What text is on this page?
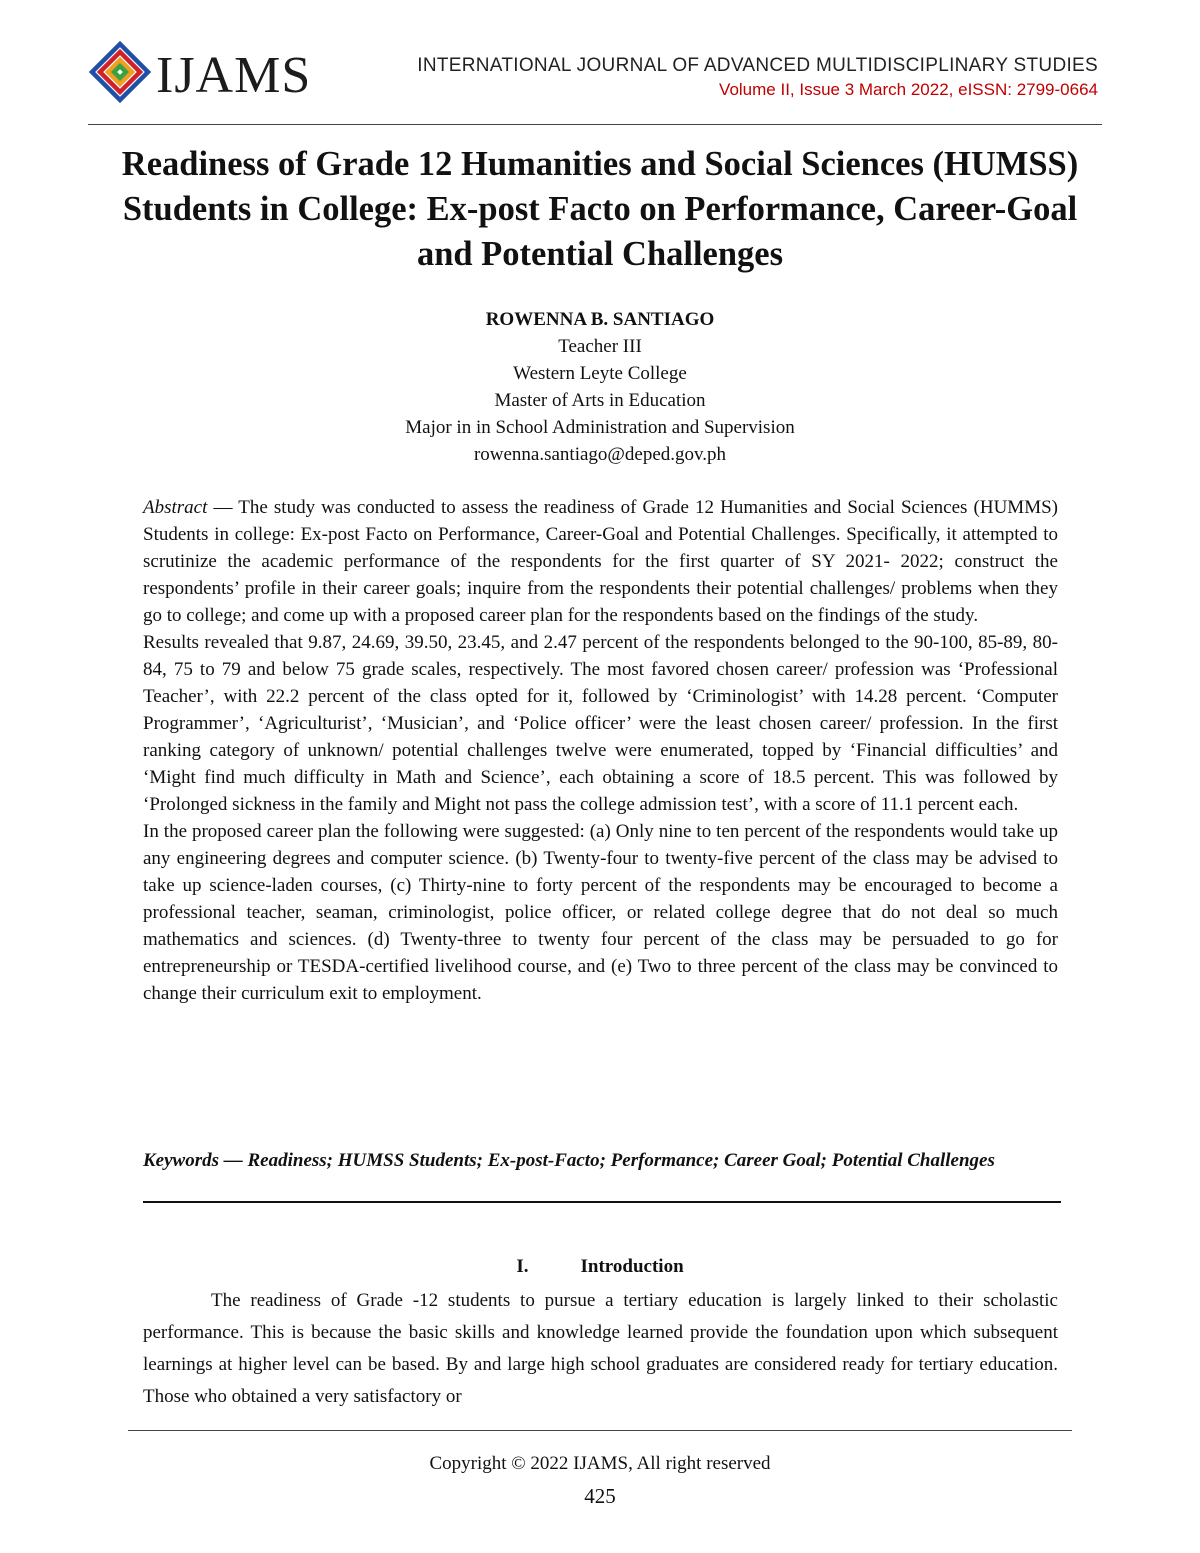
IJAMS	INTERNATIONAL JOURNAL OF ADVANCED MULTIDISCIPLINARY STUDIES
Volume II, Issue 3 March 2022, eISSN: 2799-0664
Readiness of Grade 12 Humanities and Social Sciences (HUMSS) Students in College: Ex-post Facto on Performance, Career-Goal and Potential Challenges
ROWENNA B. SANTIAGO
Teacher III
Western Leyte College
Master of Arts in Education
Major in in School Administration and Supervision
rowenna.santiago@deped.gov.ph

Abstract — The study was conducted to assess the readiness of Grade 12 Humanities and Social Sciences (HUMMS) Students in college: Ex-post Facto on Performance, Career-Goal and Potential Challenges. Specifically, it attempted to scrutinize the academic performance of the respondents for the first quarter of SY 2021- 2022; construct the respondents’ profile in their career goals; inquire from the respondents their potential challenges/ problems when they go to college; and come up with a proposed career plan for the respondents based on the findings of the study.

Results revealed that 9.87, 24.69, 39.50, 23.45, and 2.47 percent of the respondents belonged to the 90-100, 85-89, 80-84, 75 to 79 and below 75 grade scales, respectively. The most favored chosen career/ profession was ‘Professional Teacher’, with 22.2 percent of the class opted for it, followed by ‘Criminologist’ with 14.28 percent. ‘Computer Programmer’, ‘Agriculturist’, ‘Musician’, and ‘Police officer’ were the least chosen career/ profession. In the first ranking category of unknown/ potential challenges twelve were enumerated, topped by ‘Financial difficulties’ and ‘Might find much difficulty in Math and Science’, each obtaining a score of 18.5 percent. This was followed by ‘Prolonged sickness in the family and Might not pass the college admission test’, with a score of 11.1 percent each.

In the proposed career plan the following were suggested: (a) Only nine to ten percent of the respondents would take up any engineering degrees and computer science. (b) Twenty-four to twenty-five percent of the class may be advised to take up science-laden courses, (c) Thirty-nine to forty percent of the respondents may be encouraged to become a professional teacher, seaman, criminologist, police officer, or related college degree that do not deal so much mathematics and sciences. (d) Twenty-three to twenty four percent of the class may be persuaded to go for entrepreneurship or TESDA-certified livelihood course, and (e) Two to three percent of the class may be convinced to change their curriculum exit to employment.

Keywords — Readiness; HUMSS Students; Ex-post-Facto; Performance; Career Goal; Potential Challenges
I.	Introduction

The readiness of Grade -12 students to pursue a tertiary education is largely linked to their scholastic performance. This is because the basic skills and knowledge learned provide the foundation upon which subsequent learnings at higher level can be based. By and large high school graduates are considered ready for tertiary education. Those who obtained a very satisfactory or

Copyright © 2022 IJAMS, All right reserved
425
